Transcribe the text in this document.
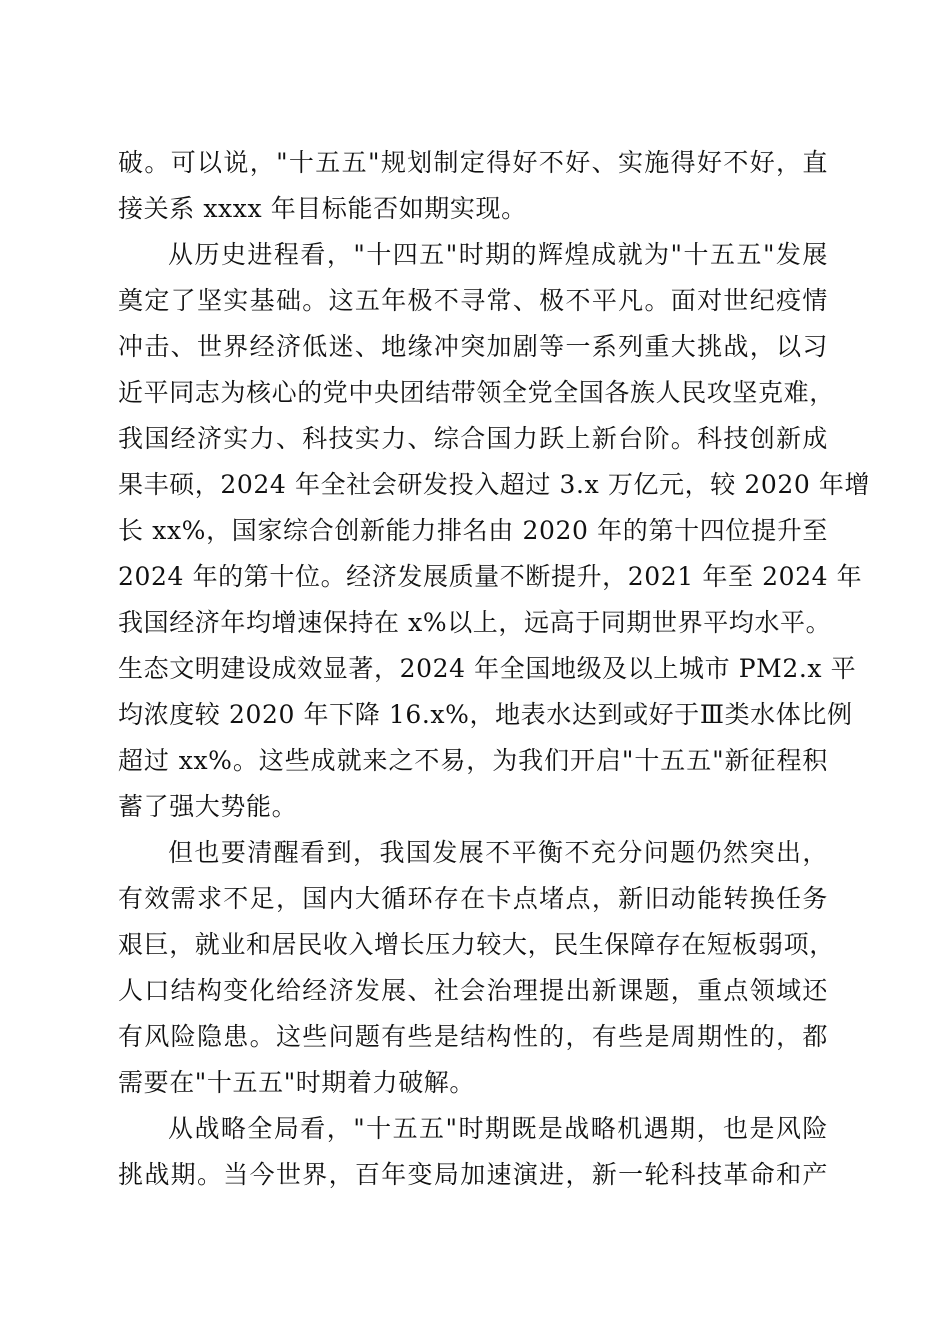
破。可以说，"十五五"规划制定得好不好、实施得好不好，直
接关系 xxxx 年目标能否如期实现。
从历史进程看，"十四五"时期的辉煌成就为"十五五"发展
奠定了坚实基础。这五年极不寻常、极不平凡。面对世纪疫情
冲击、世界经济低迷、地缘冲突加剧等一系列重大挑战，以习
近平同志为核心的党中央团结带领全党全国各族人民攻坚克难，
我国经济实力、科技实力、综合国力跃上新台阶。科技创新成
果丰硕，2024 年全社会研发投入超过 3.x 万亿元，较 2020 年增
长 xx%，国家综合创新能力排名由 2020 年的第十四位提升至
2024 年的第十位。经济发展质量不断提升，2021 年至 2024 年
我国经济年均增速保持在 x%以上，远高于同期世界平均水平。
生态文明建设成效显著，2024 年全国地级及以上城市 PM2.x 平
均浓度较 2020 年下降 16.x%，地表水达到或好于Ⅲ类水体比例
超过 xx%。这些成就来之不易，为我们开启"十五五"新征程积
蓄了强大势能。
但也要清醒看到，我国发展不平衡不充分问题仍然突出，
有效需求不足，国内大循环存在卡点堵点，新旧动能转换任务
艰巨，就业和居民收入增长压力较大，民生保障存在短板弱项，
人口结构变化给经济发展、社会治理提出新课题，重点领域还
有风险隐患。这些问题有些是结构性的，有些是周期性的，都
需要在"十五五"时期着力破解。
从战略全局看，"十五五"时期既是战略机遇期，也是风险
挑战期。当今世界，百年变局加速演进，新一轮科技革命和产
